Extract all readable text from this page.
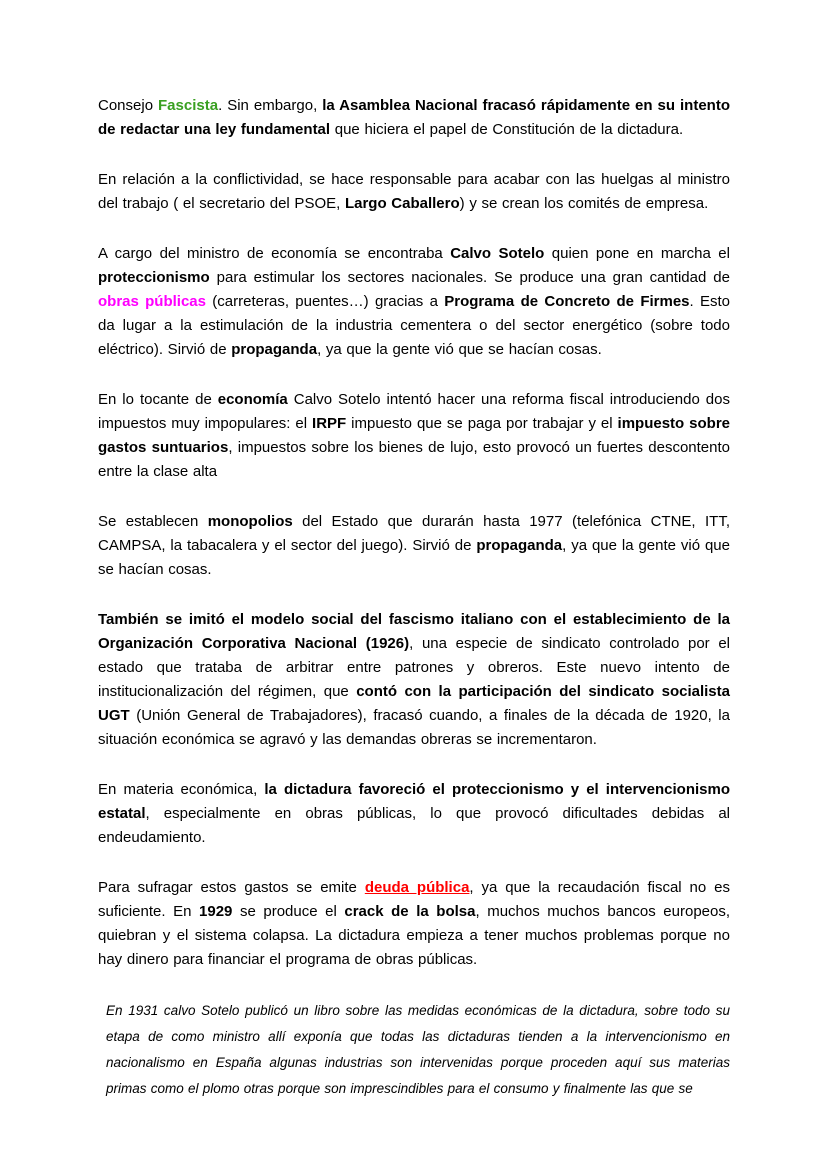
Consejo Fascista. Sin embargo, la Asamblea Nacional fracasó rápidamente en su intento de redactar una ley fundamental que hiciera el papel de Constitución de la dictadura.

En relación a la conflictividad, se hace responsable para acabar con las huelgas al ministro del trabajo ( el secretario del PSOE, Largo Caballero) y se crean los comités de empresa.

A cargo del ministro de economía se encontraba Calvo Sotelo quien pone en marcha el proteccionismo para estimular los sectores nacionales. Se produce una gran cantidad de obras públicas (carreteras, puentes…) gracias a Programa de Concreto de Firmes. Esto da lugar a la estimulación de la industria cementera o del sector energético (sobre todo eléctrico). Sirvió de propaganda, ya que la gente vió que se hacían cosas.

En lo tocante de economía Calvo Sotelo intentó hacer una reforma fiscal introduciendo dos impuestos muy impopulares: el IRPF impuesto que se paga por trabajar y el impuesto sobre gastos suntuarios, impuestos sobre los bienes de lujo, esto provocó un fuertes descontento entre la clase alta

Se establecen monopolios del Estado que durarán hasta 1977 (telefónica CTNE, ITT, CAMPSA, la tabacalera y el sector del juego). Sirvió de propaganda, ya que la gente vió que se hacían cosas.

También se imitó el modelo social del fascismo italiano con el establecimiento de la Organización Corporativa Nacional (1926), una especie de sindicato controlado por el estado que trataba de arbitrar entre patrones y obreros. Este nuevo intento de institucionalización del régimen, que contó con la participación del sindicato socialista UGT (Unión General de Trabajadores), fracasó cuando, a finales de la década de 1920, la situación económica se agravó y las demandas obreras se incrementaron.

En materia económica, la dictadura favoreció el proteccionismo y el intervencionismo estatal, especialmente en obras públicas, lo que provocó dificultades debidas al endeudamiento.

Para sufragar estos gastos se emite deuda pública, ya que la recaudación fiscal no es suficiente. En 1929 se produce el crack de la bolsa, muchos muchos bancos europeos, quiebran y el sistema colapsa. La dictadura empieza a tener muchos problemas porque no hay dinero para financiar el programa de obras públicas.

En 1931 calvo Sotelo publicó un libro sobre las medidas económicas de la dictadura, sobre todo su etapa de como ministro allí exponía que todas las dictaduras tienden a la intervencionismo en nacionalismo en España algunas industrias son intervenidas porque proceden aquí sus materias primas como el plomo otras porque son imprescindibles para el consumo y finalmente las que se
